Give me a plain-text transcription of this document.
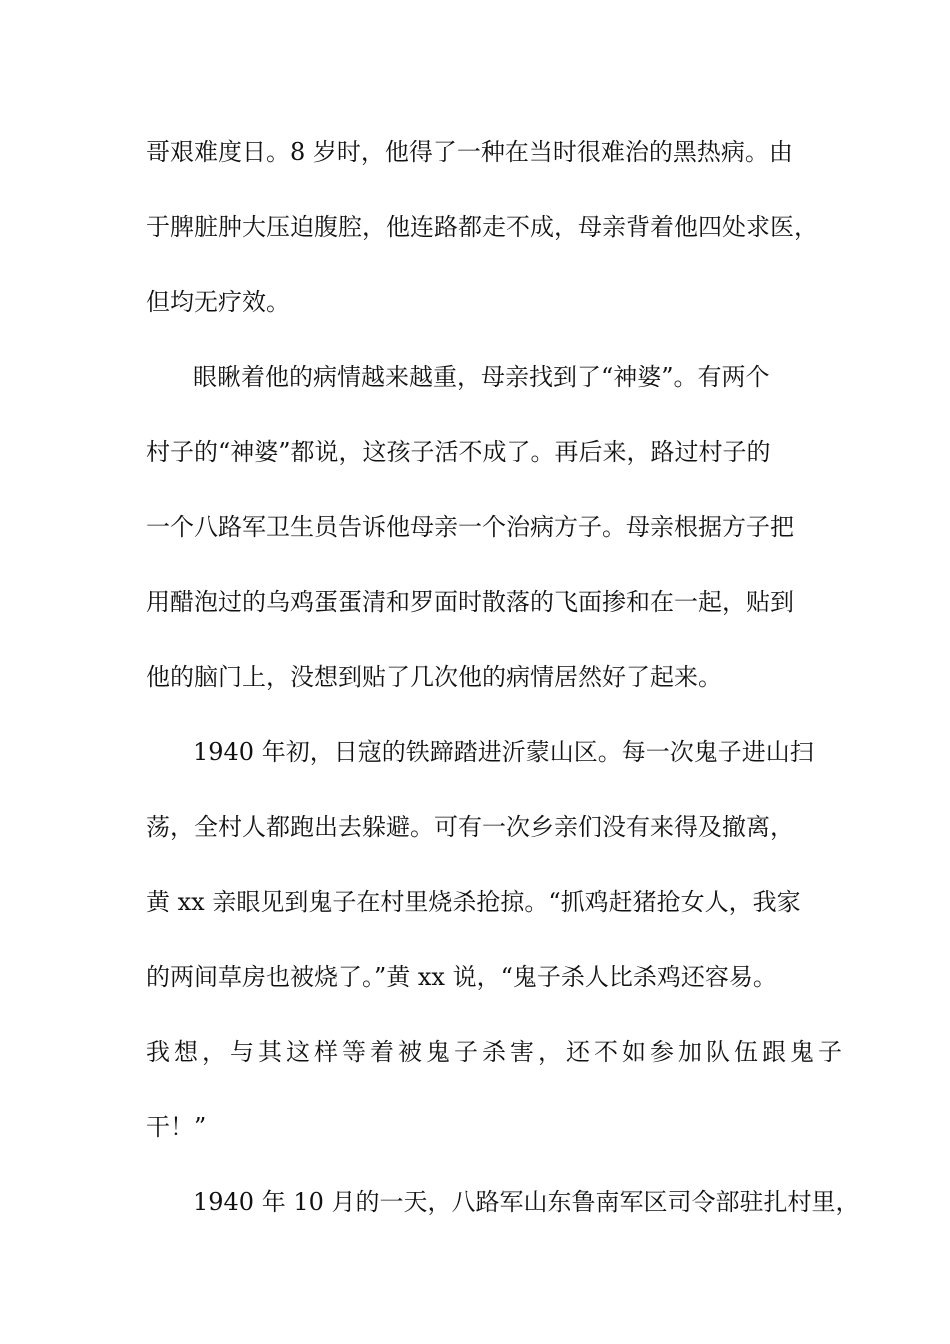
哥艰难度日。8 岁时，他得了一种在当时很难治的黑热病。由
于脾脏肿大压迫腹腔，他连路都走不成，母亲背着他四处求医，
但均无疗效。
眼瞅着他的病情越来越重，母亲找到了“神婆”。有两个
村子的“神婆”都说，这孩子活不成了。再后来，路过村子的
一个八路军卫生员告诉他母亲一个治病方子。母亲根据方子把
用醋泡过的乌鸡蛋蛋清和罗面时散落的飞面掺和在一起，贴到
他的脑门上，没想到贴了几次他的病情居然好了起来。
1940 年初，日寇的铁蹄踏进沂蒙山区。每一次鬼子进山扫
荡，全村人都跑出去躲避。可有一次乡亲们没有来得及撤离，
黄 xx 亲眼见到鬼子在村里烧杀抢掠。“抓鸡赶猪抢女人，我家
的两间草房也被烧了。”黄 xx 说，“鬼子杀人比杀鸡还容易。
我想，与其这样等着被鬼子杀害，还不如参加队伍跟鬼子
干！”
1940 年 10 月的一天，八路军山东鲁南军区司令部驻扎村里，
